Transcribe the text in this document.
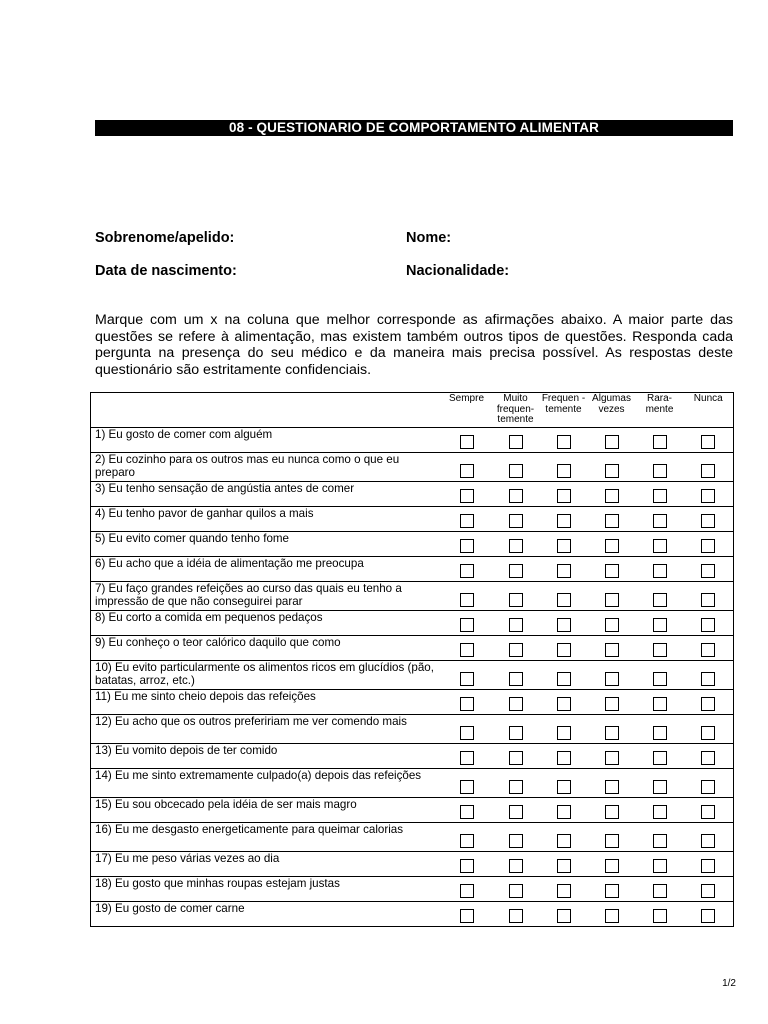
08 - QUESTIONARIO DE COMPORTAMENTO ALIMENTAR
Sobrenome/apelido:	Nome:
Data de nascimento:	Nacionalidade:
Marque com um x na coluna que melhor corresponde as afirmações abaixo. A maior parte das questões se refere à alimentação, mas existem também outros tipos de questões. Responda cada pergunta na presença do seu médico e da maneira mais precisa possível. As respostas deste questionário são estritamente confidenciais.
	Sempre	Muito frequen-temente	Frequen - temente	Algumas vezes	Rara-mente	Nunca
1) Eu gosto de comer com alguém						
2) Eu cozinho para os outros mas eu nunca como o que eu preparo						
3) Eu tenho sensação de angústia antes de comer						
4) Eu tenho pavor de ganhar quilos a mais						
5) Eu evito comer quando tenho fome						
6) Eu acho que a idéia de alimentação me preocupa						
7) Eu faço grandes refeições ao curso das quais eu tenho a impressão de que não conseguirei parar						
8) Eu corto a comida em pequenos pedaços						
9) Eu conheço o teor calórico daquilo que como						
10) Eu evito particularmente os alimentos ricos em glucídios (pão, batatas, arroz, etc.)						
11) Eu me sinto cheio depois das refeições						
12) Eu acho que os outros prefeririam me ver comendo mais						
13) Eu vomito depois de ter comido						
14) Eu me sinto extremamente culpado(a) depois das refeições						
15) Eu sou obcecado pela idéia de ser mais magro						
16) Eu me desgasto energeticamente para queimar calorias						
17) Eu me peso várias vezes ao dia						
18) Eu gosto que minhas roupas estejam justas						
19) Eu gosto de comer carne						
1/2
